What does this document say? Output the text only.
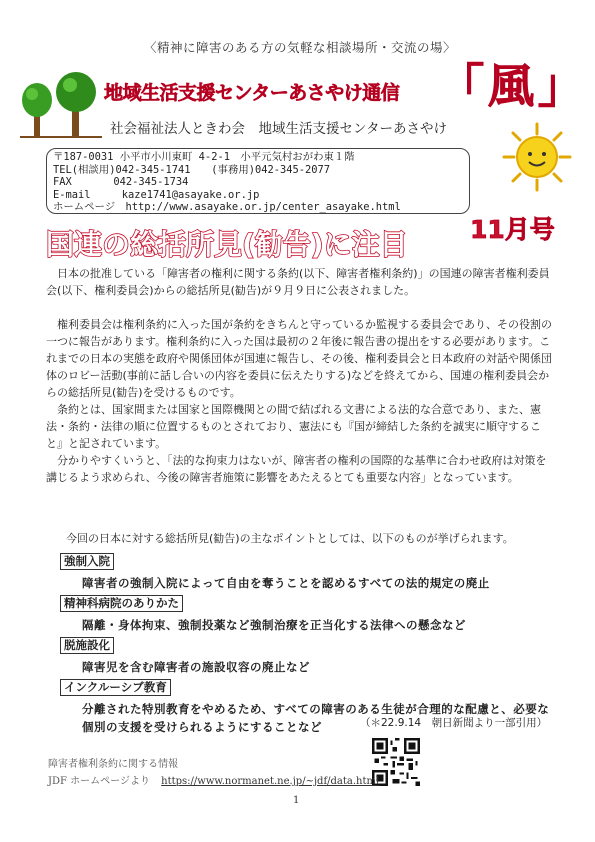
〈精神に障害のある方の気軽な相談場所・交流の場〉
地域生活支援センターあさやけ通信 「風」
社会福祉法人ときわ会　地域生活支援センターあさやけ
〒187-0031 小平市小川東町 4-2-1　小平元気村おがわ東１階
TEL(相談用)042-345-1741　　(事務用)042-345-2077
FAX　　　　042-345-1734
E-mail　　　kaze1741@asayake.or.jp
ホームページ　http://www.asayake.or.jp/center_asayake.html
11月号
国連の総括所見(勧告)に注目

日本の批准している「障害者の権利に関する条約(以下、障害者権利条約)」の国連の障害者権利委員会(以下、権利委員会)からの総括所見(勧告)が９月９日に公表されました。

権利委員会は権利条約に入った国が条約をきちんと守っているか監視する委員会であり、その役割の一つに報告があります。権利条約に入った国は最初の２年後に報告書の提出をする必要があります。これまでの日本の実態を政府や関係団体が国連に報告し、その後、権利委員会と日本政府の対話や関係団体のロビー活動(事前に話し合いの内容を委員に伝えたりする)などを終えてから、国連の権利委員会からの総括所見(勧告)を受けるものです。

条約とは、国家間または国家と国際機関との間で結ばれる文書による法的な合意であり、また、憲法・条約・法律の順に位置するものとされており、憲法にも『国が締結した条約を誠実に順守すること』と記されています。

分かりやすくいうと、「法的な拘束力はないが、障害者の権利の国際的な基準に合わせ政府は対策を講じるよう求められ、今後の障害者施策に影響をあたえるとても重要な内容」となっています。

今回の日本に対する総括所見(勧告)の主なポイントとしては、以下のものが挙げられます。
強制入院
障害者の強制入院によって自由を奪うことを認めるすべての法的規定の廃止
精神科病院のありかた
隔離・身体拘束、強制投薬など強制治療を正当化する法律への懸念など
脱施設化
障害児を含む障害者の施設収容の廃止など
インクルーシブ教育
分離された特別教育をやめるため、すべての障害のある生徒が合理的な配慮と、必要な個別の支援を受けられるようにすることなど	（＊22.9.14　朝日新聞より一部引用）
障害者権利条約に関する情報
JDF ホームページより https://www.normanet.ne.jp/~jdf/data.html
1
